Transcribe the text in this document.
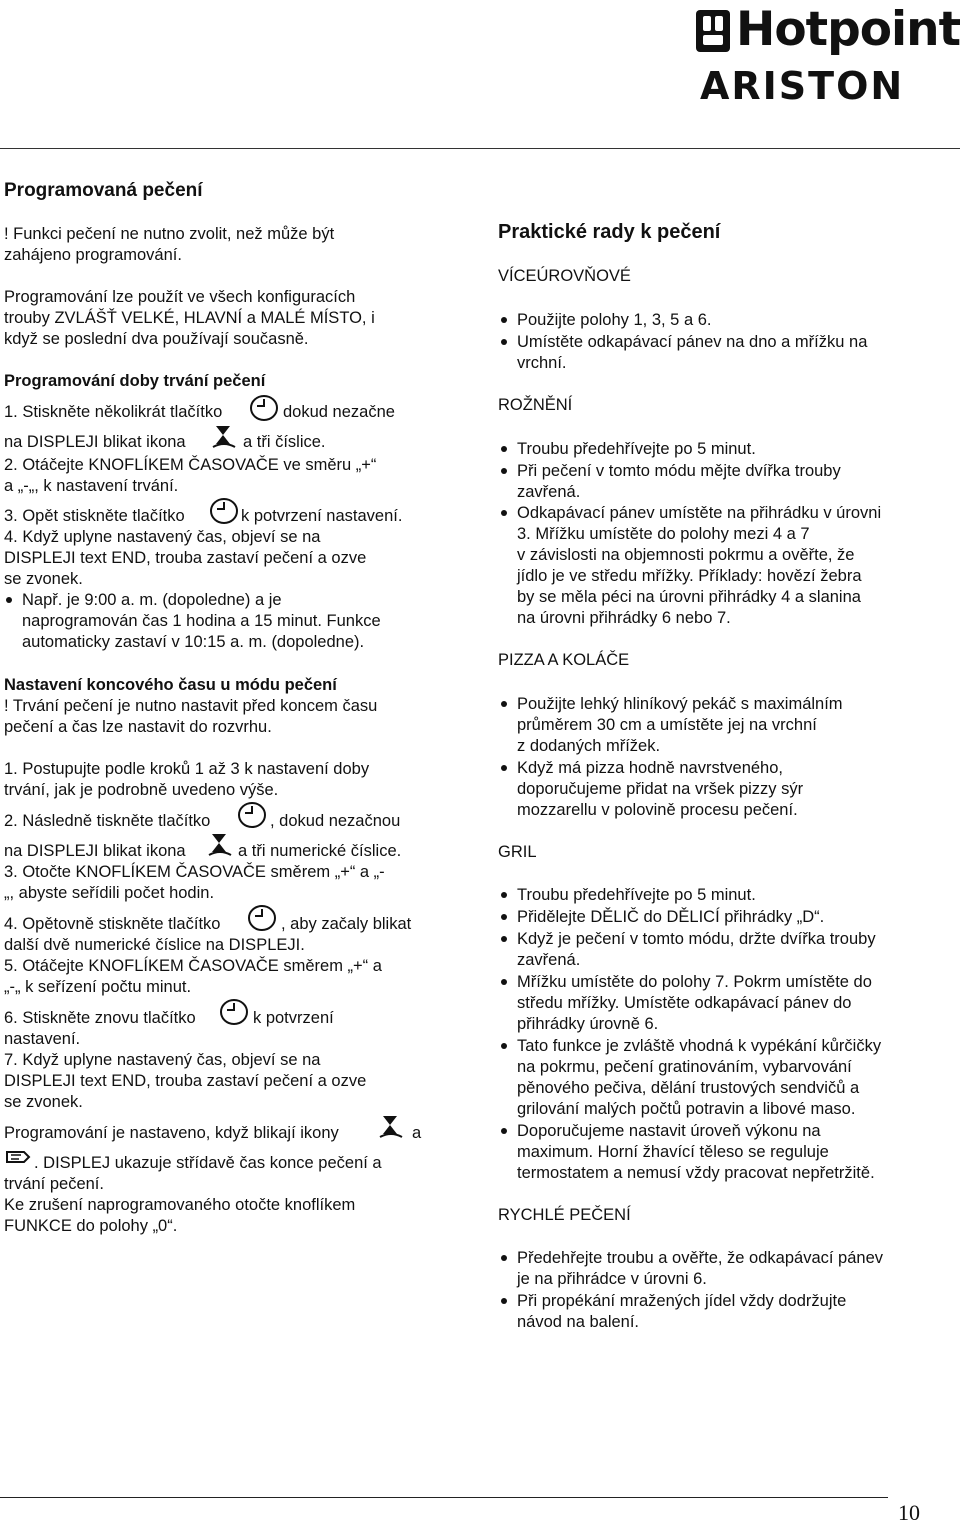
Hotpoint
ARISTON
Programovaná pečení
! Funkci pečení ne nutno zvolit, než může být
zahájeno programování.
Programování lze použít ve všech konfiguracích
trouby ZVLÁŠŤ VELKÉ, HLAVNÍ a MALÉ MÍSTO, i
když se poslední dva používají současně.
Programování doby trvání pečení
1. Stiskněte několikrát tlačítko	dokud nezačne
na DISPLEJI blikat ikona	a tři číslice.
2. Otáčejte KNOFLÍKEM ČASOVAČE ve směru „+“
a „-„, k nastavení trvání.
3. Opět stiskněte tlačítko	k potvrzení nastavení.
4. Když uplyne nastavený čas, objeví se na
DISPLEJI text END, trouba zastaví pečení a ozve
se zvonek.
Např. je 9:00 a. m. (dopoledne) a je
naprogramován čas 1 hodina a 15 minut. Funkce
automaticky zastaví v 10:15 a. m. (dopoledne).
Nastavení koncového času u módu pečení
! Trvání pečení je nutno nastavit před koncem času
pečení a čas lze nastavit do rozvrhu.
1. Postupujte podle kroků 1 až 3 k nastavení doby
trvání, jak je podrobně uvedeno výše.
2. Následně tiskněte tlačítko	, dokud nezačnou
na DISPLEJI blikat ikona	a tři numerické číslice.
3. Otočte KNOFLÍKEM ČASOVAČE směrem „+“ a „-
„, abyste seřídili počet hodin.
4. Opětovně stiskněte tlačítko	, aby začaly blikat
další dvě numerické číslice na DISPLEJI.
5. Otáčejte KNOFLÍKEM ČASOVAČE směrem „+“ a
„-„ k seřízení počtu minut.
6. Stiskněte znovu tlačítko	k potvrzení
nastavení.
7. Když uplyne nastavený čas, objeví se na
DISPLEJI text END, trouba zastaví pečení a ozve
se zvonek.
Programování je nastaveno, když blikají ikony	a
. DISPLEJ ukazuje střídavě čas konce pečení a
trvání pečení.
Ke zrušení naprogramovaného otočte knoflíkem
FUNKCE do polohy „0“.
Praktické rady k pečení
VÍCEÚROVŇOVÉ
Použijte polohy 1, 3, 5 a 6.
Umístěte odkapávací pánev na dno a mřížku na
vrchní.
ROŽNĚNÍ
Troubu předehřívejte po 5 minut.
Při pečení v tomto módu mějte dvířka trouby
zavřená.
Odkapávací pánev umístěte na přihrádku v úrovni
3. Mřížku umístěte do polohy mezi 4 a 7
v závislosti na objemnosti pokrmu a ověřte, že
jídlo je ve středu mřížky. Příklady: hovězí žebra
by se měla péci na úrovni přihrádky 4 a slanina
na úrovni přihrádky 6 nebo 7.
PIZZA A KOLÁČE
Použijte lehký hliníkový pekáč s maximálním
průměrem 30 cm a umístěte jej na vrchní
z dodaných mřížek.
Když má pizza hodně navrstveného,
doporučujeme přidat na vršek pizzy sýr
mozzarellu v polovině procesu pečení.
GRIL
Troubu předehřívejte po 5 minut.
Přidělejte DĚLIČ do DĚLICÍ přihrádky „D“.
Když je pečení v tomto módu, držte dvířka trouby
zavřená.
Mřížku umístěte do polohy 7. Pokrm umístěte do
středu mřížky. Umístěte odkapávací pánev do
přihrádky úrovně 6.
Tato funkce je zvláště vhodná k vypékání kůrčičky
na pokrmu, pečení gratinováním, vybarvování
pěnového pečiva, dělání trustových sendvičů a
grilování malých počtů potravin a libové maso.
Doporučujeme nastavit úroveň výkonu na
maximum. Horní žhavící těleso se reguluje
termostatem a nemusí vždy pracovat nepřetržitě.
RYCHLÉ PEČENÍ
Předehřejte troubu a ověřte, že odkapávací pánev
je na přihrádce v úrovni 6.
Při propékání mražených jídel vždy dodržujte
návod na balení.
10
